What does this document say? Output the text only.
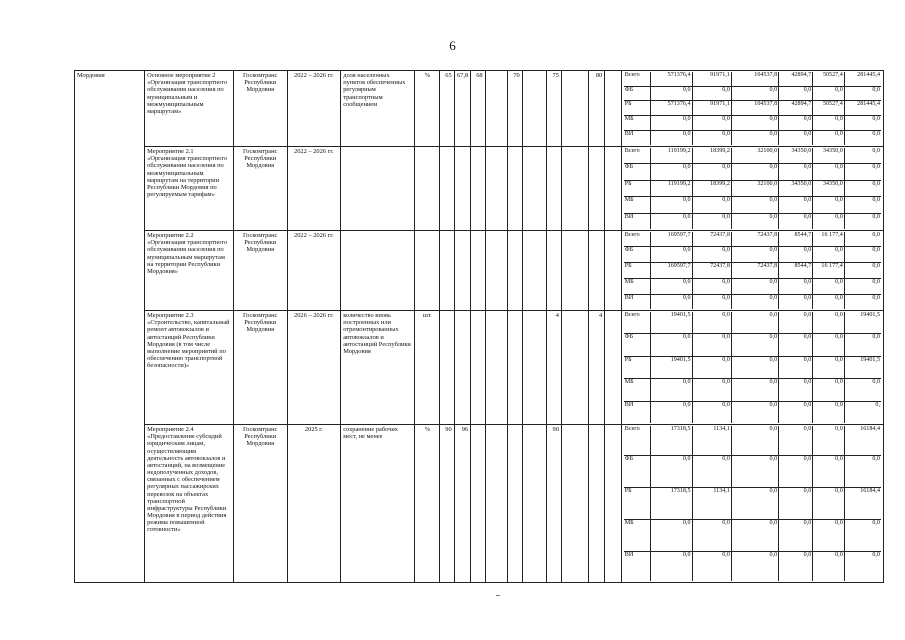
6
Мордовия	Основное мероприятие 2 «Организация транспортного обслуживания населения по муниципальным и межмуниципальным маршрутам»	Госкомтранс Республики Мордовия	2022 – 2026 гг.	доля населенных пунктов обеспеченных регулярным транспортным сообщением	%	65	67,8	68		70		75		80			Всего	571376,4	91971,1	104537,8	42894,7	50527,4	281445,4
ФБ	0,0	0,0	0,0	0,0	0,0	0,0
РБ	571376,4	91971,1	104537,8	42894,7	50527,4	281445,4
МБ	0,0	0,0	0,0	0,0	0,0	0,0
ВИ	0,0	0,0	0,0	0,0	0,0	0,0

Мероприятие 2.1 «Организация транспортного обслуживания населения по межмуниципальным маршрутам на территории Республики Мордовия по регулируемым тарифам»	Госкомтранс Республики Мордовия	2022 – 2026 гг.														Всего	119199,2	18399,2	32100,0	34350,0	34350,0	0,0
ФБ	0,0	0,0	0,0	0,0	0,0	0,0
РБ	119199,2	18399,2	32100,0	34350,0	34350,0	0,0
МБ	0,0	0,0	0,0	0,0	0,0	0,0
ВИ	0,0	0,0	0,0	0,0	0,0	0,0

Мероприятие 2.2 «Организация транспортного обслуживания населения по муниципальным маршрутам на территории Республики Мордовия»	Госкомтранс Республики Мордовия	2022 – 2026 гг.														Всего	169597,7	72437,8	72437,8	8544,7	16 177,4	0,0
ФБ	0,0	0,0	0,0	0,0	0,0	0,0
РБ	169597,7	72437,8	72437,8	8544,7	16 177,4	0,0
МБ	0,0	0,0	0,0	0,0	0,0	0,0
ВИ	0,0	0,0	0,0	0,0	0,0	0,0

Мероприятие 2.3 «Строительство, капитальный ремонт автовокзалов и автостанций Республики Мордовия (в том числе выполнение мероприятий по обеспечению транспортной безопасности)»	Госкомтранс Республики Мордовия	2026 – 2026 гг.	количество вновь построенных или отремонтированных автовокзалов и автостанций Республики Мордовия	шт.							4		4			Всего	19401,5	0,0	0,0	0,0	0,0	19401,5
ФБ	0,0	0,0	0,0	0,0	0,0	0,0
РБ	19401,5	0,0	0,0	0,0	0,0	19401,5
МБ	0,0	0,0	0,0	0,0	0,0	0,0
ВИ	0,0	0,0	0,0	0,0	0,0	0,

Мероприятие 2.4 «Предоставление субсидий юридическим лицам, осуществляющим деятельность автовокзалов и автостанций, на возмещение недополученных доходов, связанных с обеспечением регулярных пассажирских перевозок на объектах транспортной инфраструктуры Республики Мордовия в период действия режима повышенной готовности»	Госкомтранс Республики Мордовия	2025 г.	сохранение рабочих мест, не менее	%	90	96					90					Всего	17318,5	1134,1	0,0	0,0	0,0	16184,4
ФБ	0,0	0,0	0,0	0,0	0,0	0,0
РБ	17318,5	1134,1	0,0	0,0	0,0	16184,4
МБ	0,0	0,0	0,0	0,0	0,0	0,0
ВИ	0,0	0,0	0,0	0,0	0,0	0,0
